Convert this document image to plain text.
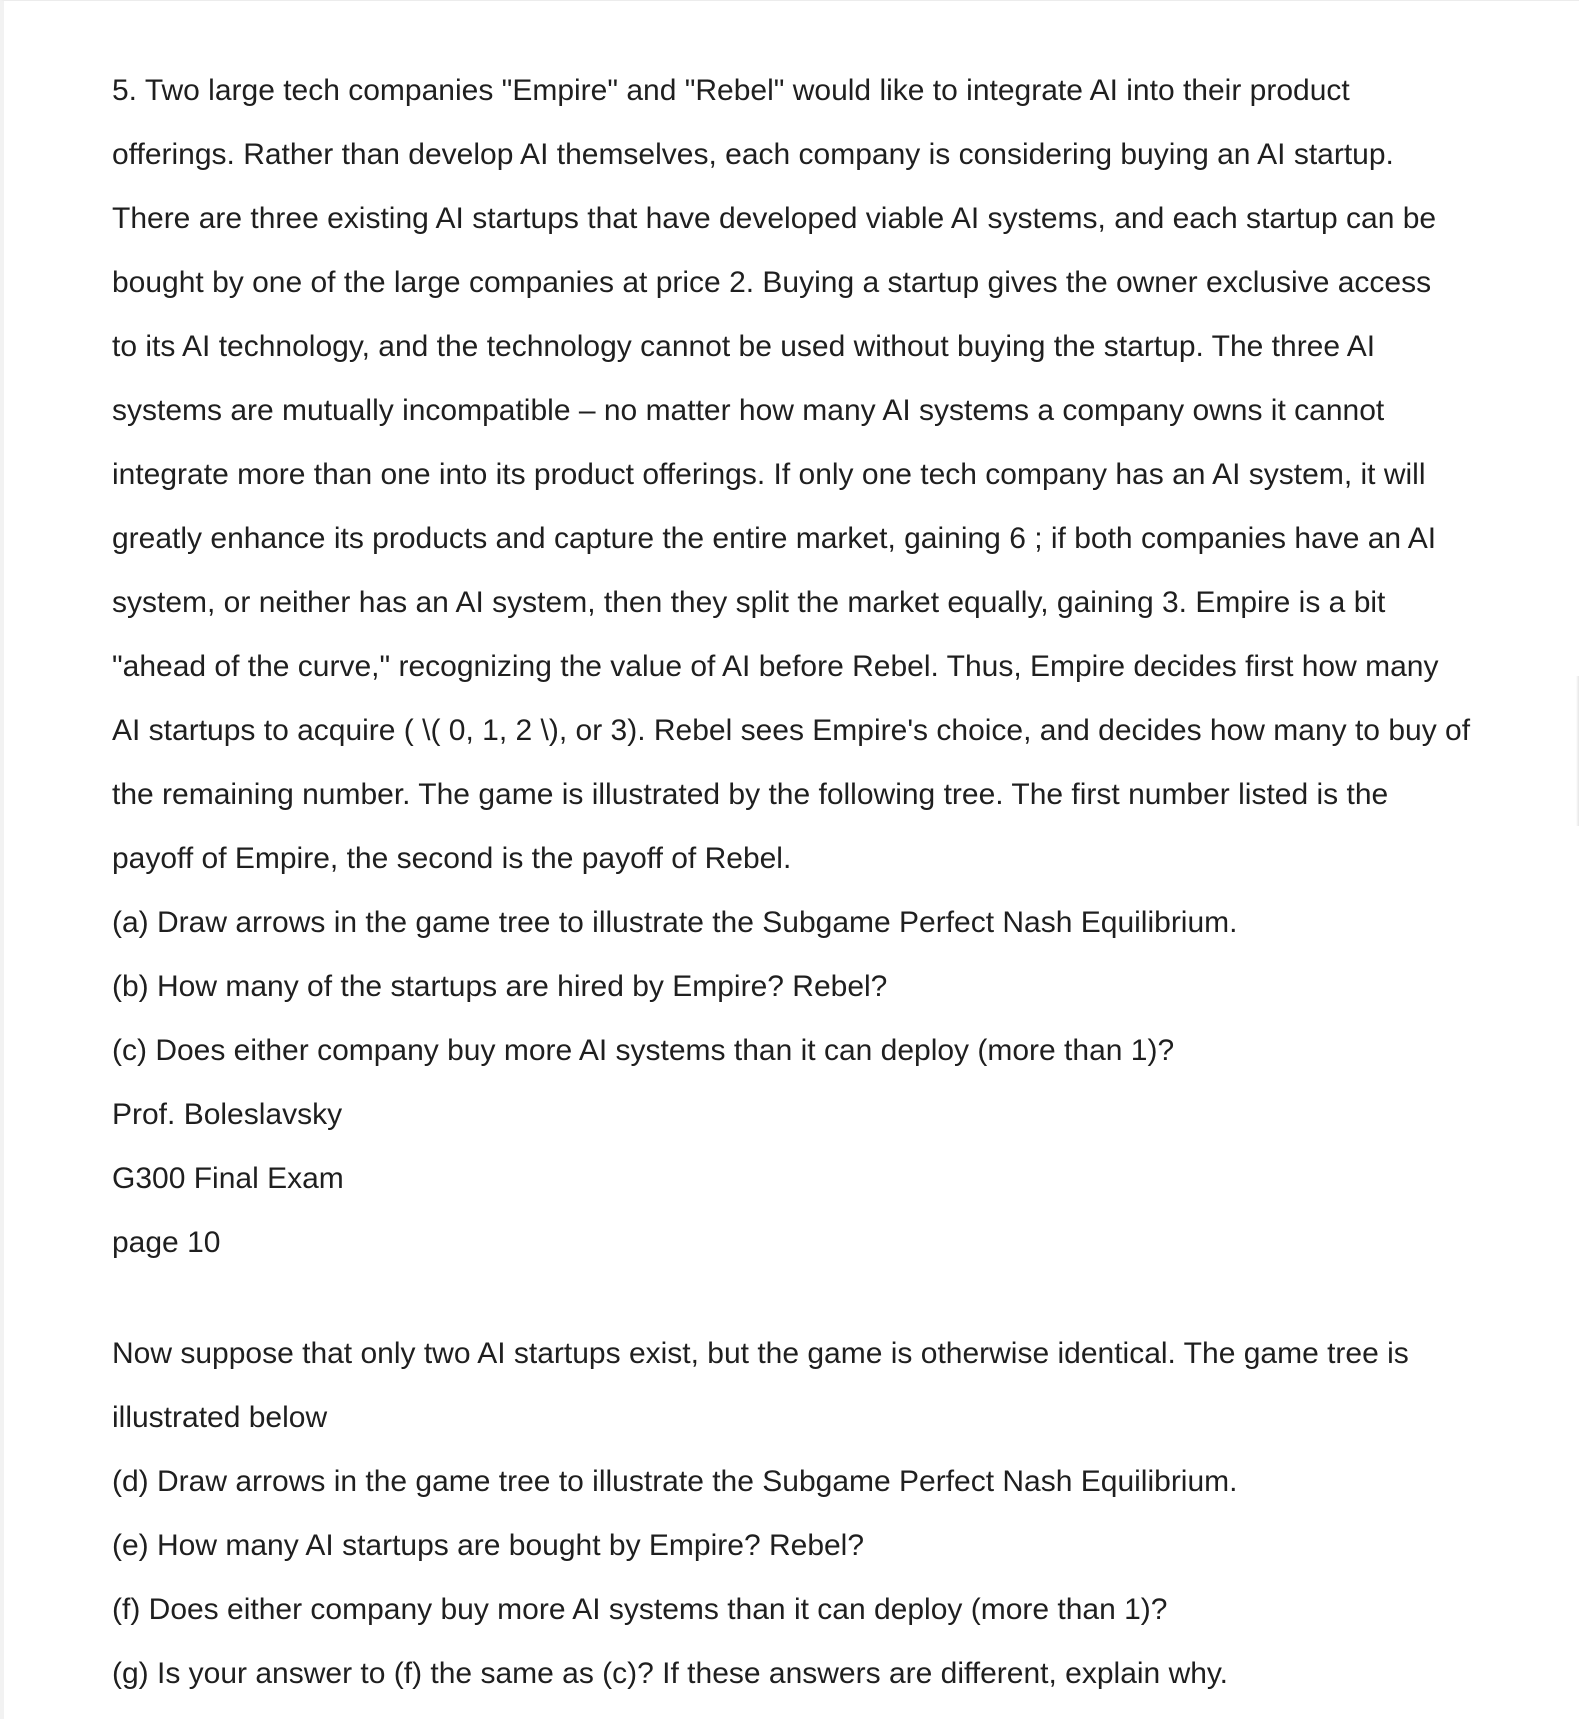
5. Two large tech companies "Empire" and "Rebel" would like to integrate AI into their product
offerings. Rather than develop AI themselves, each company is considering buying an AI startup.
There are three existing AI startups that have developed viable AI systems, and each startup can be
bought by one of the large companies at price 2. Buying a startup gives the owner exclusive access
to its AI technology, and the technology cannot be used without buying the startup. The three AI
systems are mutually incompatible – no matter how many AI systems a company owns it cannot
integrate more than one into its product offerings. If only one tech company has an AI system, it will
greatly enhance its products and capture the entire market, gaining 6 ; if both companies have an AI
system, or neither has an AI system, then they split the market equally, gaining 3. Empire is a bit
"ahead of the curve," recognizing the value of AI before Rebel. Thus, Empire decides first how many
AI startups to acquire ( \( 0, 1, 2 \), or 3). Rebel sees Empire's choice, and decides how many to buy of
the remaining number. The game is illustrated by the following tree. The first number listed is the
payoff of Empire, the second is the payoff of Rebel.
(a) Draw arrows in the game tree to illustrate the Subgame Perfect Nash Equilibrium.
(b) How many of the startups are hired by Empire? Rebel?
(c) Does either company buy more AI systems than it can deploy (more than 1)?
Prof. Boleslavsky
G300 Final Exam
page 10
Now suppose that only two AI startups exist, but the game is otherwise identical. The game tree is
illustrated below
(d) Draw arrows in the game tree to illustrate the Subgame Perfect Nash Equilibrium.
(e) How many AI startups are bought by Empire? Rebel?
(f) Does either company buy more AI systems than it can deploy (more than 1)?
(g) Is your answer to (f) the same as (c)? If these answers are different, explain why.
